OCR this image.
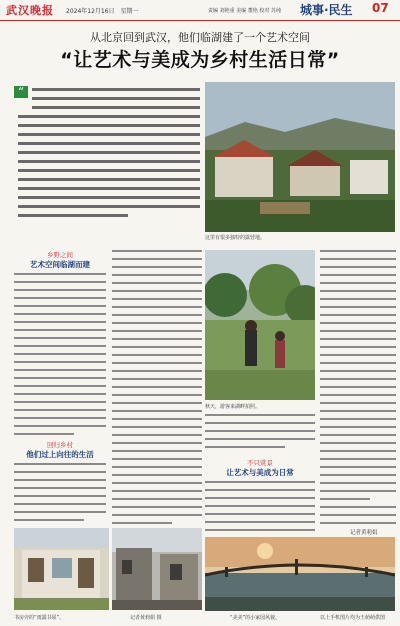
武汉晚报 2024年12月16日　星期一	责编 刘艳重 美编 董艳 校对 苏纯 城事·民生 07
从北京回到武汉，他们临湖建了一个艺术空间
“让艺术与美成为乡村生活日常”
“
这里有很多独特的露营地。
乡野之间
艺术空间临湖而建
回归乡村
他们过上向往的生活
秋天，游客来湖畔拍照。
不只赏景
让艺术与美成为日常
记者黄莉娟
书房旁的“雨露书屋”。	记者黄莉娟 摄	“美美”的小家园风貌。	以上手机图片均为王萌萌供图
